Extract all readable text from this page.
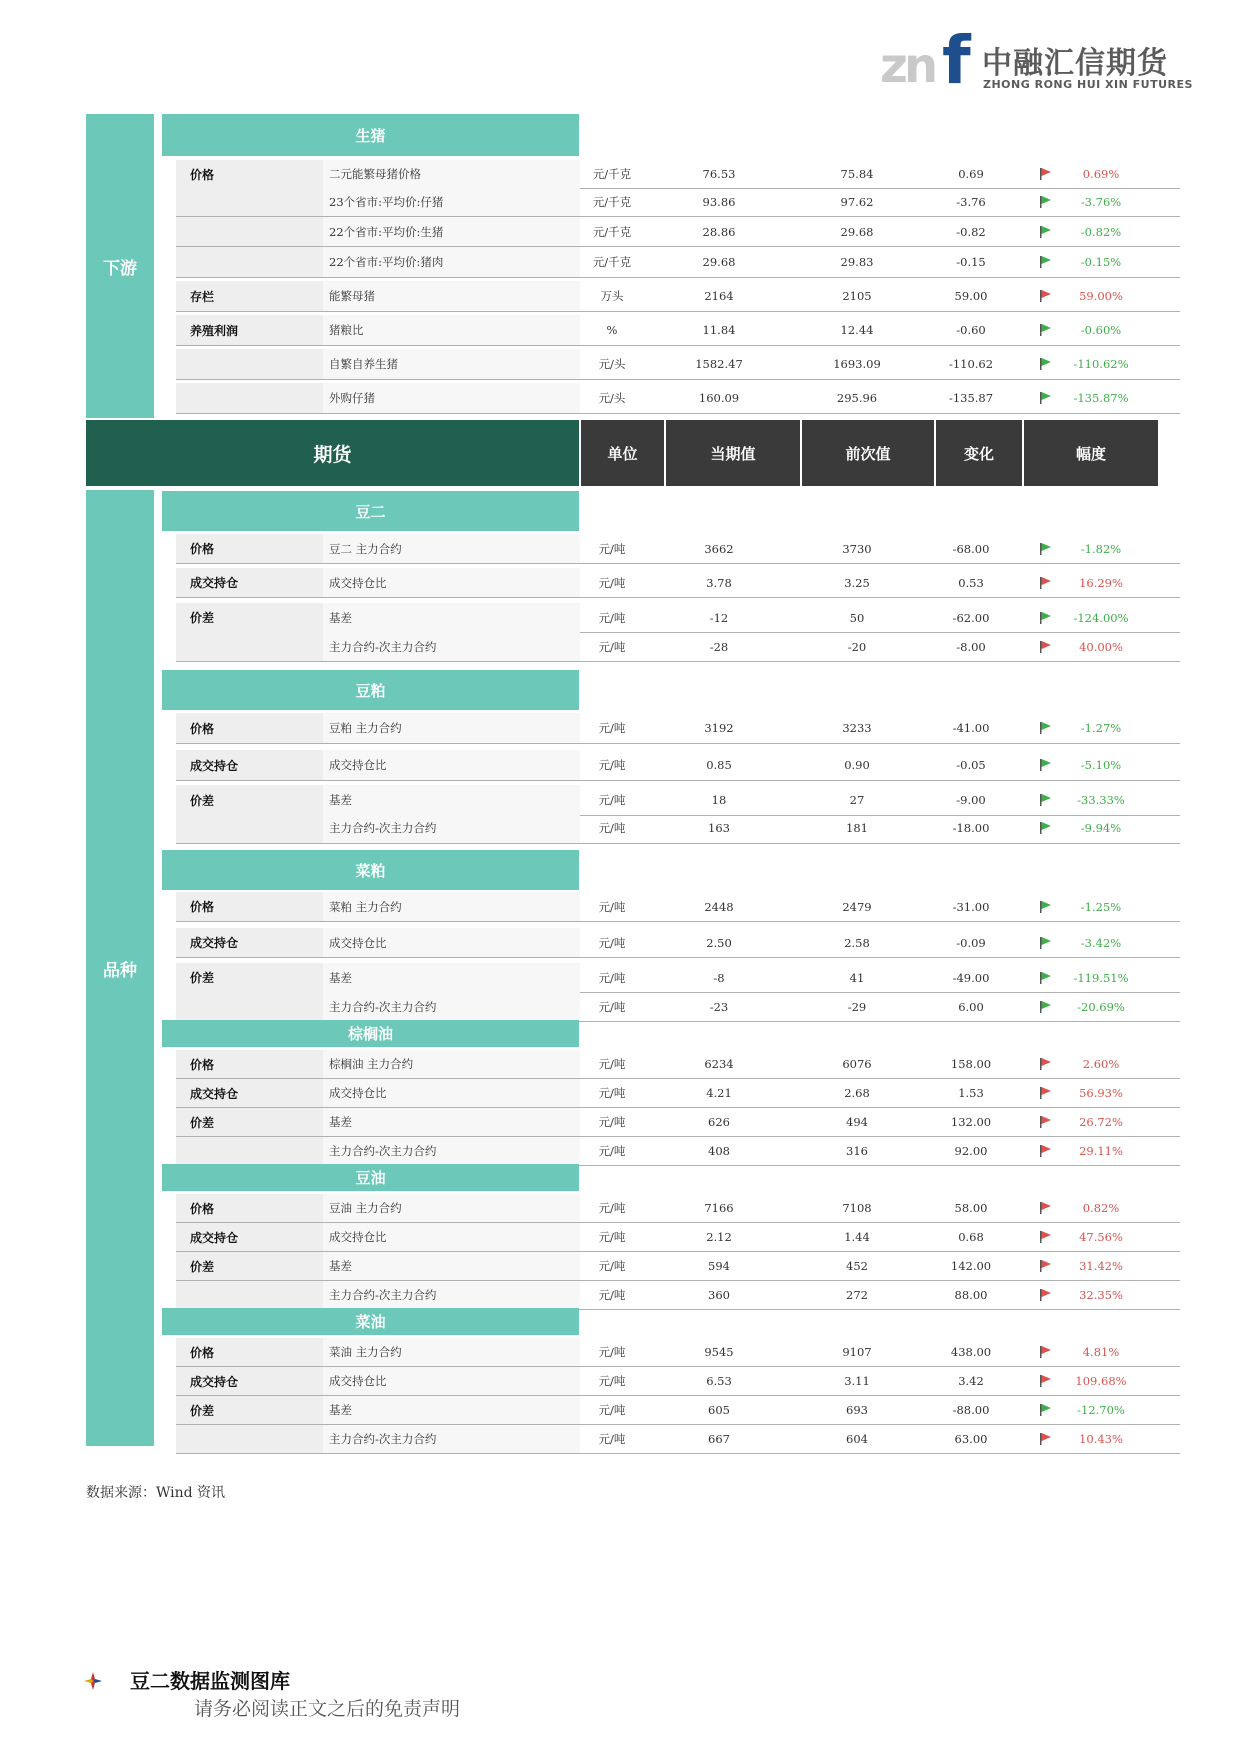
zn f 中融汇信期货
ZHONG RONG HUI XIN FUTURES
下游
生猪
价格	二元能繁母猪价格	元/千克	76.53	75.84	0.69	0.69%
23个省市:平均价:仔猪	元/千克	93.86	97.62	-3.76	-3.76%
22个省市:平均价:生猪	元/千克	28.86	29.68	-0.82	-0.82%
22个省市:平均价:猪肉	元/千克	29.68	29.83	-0.15	-0.15%
存栏	能繁母猪	万头	2164	2105	59.00	59.00%
养殖利润	猪粮比	%	11.84	12.44	-0.60	-0.60%
自繁自养生猪	元/头	1582.47	1693.09	-110.62	-110.62%
外购仔猪	元/头	160.09	295.96	-135.87	-135.87%
期货	单位	当期值	前次值	变化	幅度
品种
豆二
价格	豆二 主力合约	元/吨	3662	3730	-68.00	-1.82%
成交持仓	成交持仓比	元/吨	3.78	3.25	0.53	16.29%
价差	基差	元/吨	-12	50	-62.00	-124.00%
主力合约-次主力合约	元/吨	-28	-20	-8.00	40.00%
豆粕
价格	豆粕 主力合约	元/吨	3192	3233	-41.00	-1.27%
成交持仓	成交持仓比	元/吨	0.85	0.90	-0.05	-5.10%
价差	基差	元/吨	18	27	-9.00	-33.33%
主力合约-次主力合约	元/吨	163	181	-18.00	-9.94%
菜粕
价格	菜粕 主力合约	元/吨	2448	2479	-31.00	-1.25%
成交持仓	成交持仓比	元/吨	2.50	2.58	-0.09	-3.42%
价差	基差	元/吨	-8	41	-49.00	-119.51%
主力合约-次主力合约	元/吨	-23	-29	6.00	-20.69%
棕榈油
价格	棕榈油 主力合约	元/吨	6234	6076	158.00	2.60%
成交持仓	成交持仓比	元/吨	4.21	2.68	1.53	56.93%
价差	基差	元/吨	626	494	132.00	26.72%
主力合约-次主力合约	元/吨	408	316	92.00	29.11%
豆油
价格	豆油 主力合约	元/吨	7166	7108	58.00	0.82%
成交持仓	成交持仓比	元/吨	2.12	1.44	0.68	47.56%
价差	基差	元/吨	594	452	142.00	31.42%
主力合约-次主力合约	元/吨	360	272	88.00	32.35%
菜油
价格	菜油 主力合约	元/吨	9545	9107	438.00	4.81%
成交持仓	成交持仓比	元/吨	6.53	3.11	3.42	109.68%
价差	基差	元/吨	605	693	-88.00	-12.70%
主力合约-次主力合约	元/吨	667	604	63.00	10.43%
数据来源：Wind 资讯
豆二数据监测图库
请务必阅读正文之后的免责声明
